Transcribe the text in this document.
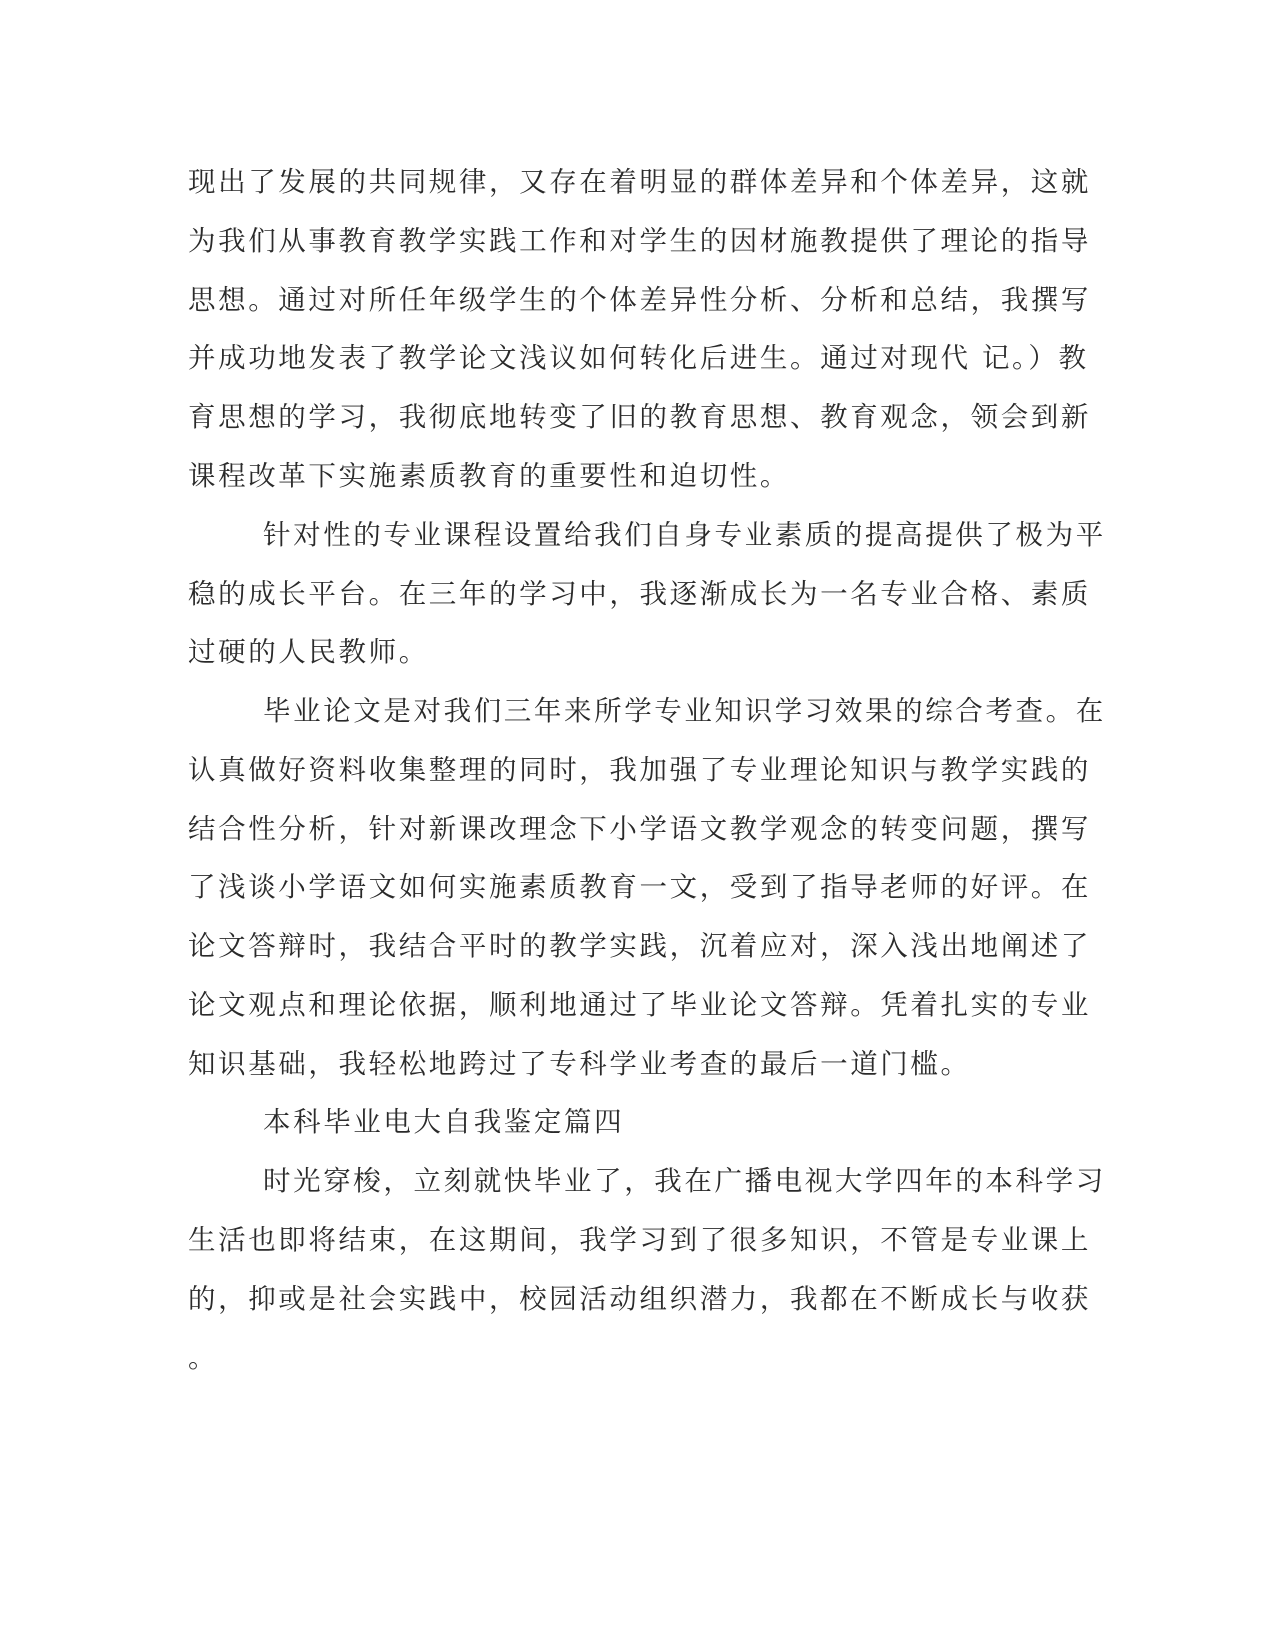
现出了发展的共同规律，又存在着明显的群体差异和个体差异，这就
为我们从事教育教学实践工作和对学生的因材施教提供了理论的指导
思想。通过对所任年级学生的个体差异性分析、分析和总结，我撰写
并成功地发表了教学论文浅议如何转化后进生。通过对现代 记。）教
育思想的学习，我彻底地转变了旧的教育思想、教育观念，领会到新
课程改革下实施素质教育的重要性和迫切性。
针对性的专业课程设置给我们自身专业素质的提高提供了极为平
稳的成长平台。在三年的学习中，我逐渐成长为一名专业合格、素质
过硬的人民教师。
毕业论文是对我们三年来所学专业知识学习效果的综合考查。在
认真做好资料收集整理的同时，我加强了专业理论知识与教学实践的
结合性分析，针对新课改理念下小学语文教学观念的转变问题，撰写
了浅谈小学语文如何实施素质教育一文，受到了指导老师的好评。在
论文答辩时，我结合平时的教学实践，沉着应对，深入浅出地阐述了
论文观点和理论依据，顺利地通过了毕业论文答辩。凭着扎实的专业
知识基础，我轻松地跨过了专科学业考查的最后一道门槛。
本科毕业电大自我鉴定篇四
时光穿梭，立刻就快毕业了，我在广播电视大学四年的本科学习
生活也即将结束，在这期间，我学习到了很多知识，不管是专业课上
的，抑或是社会实践中，校园活动组织潜力，我都在不断成长与收获
。
